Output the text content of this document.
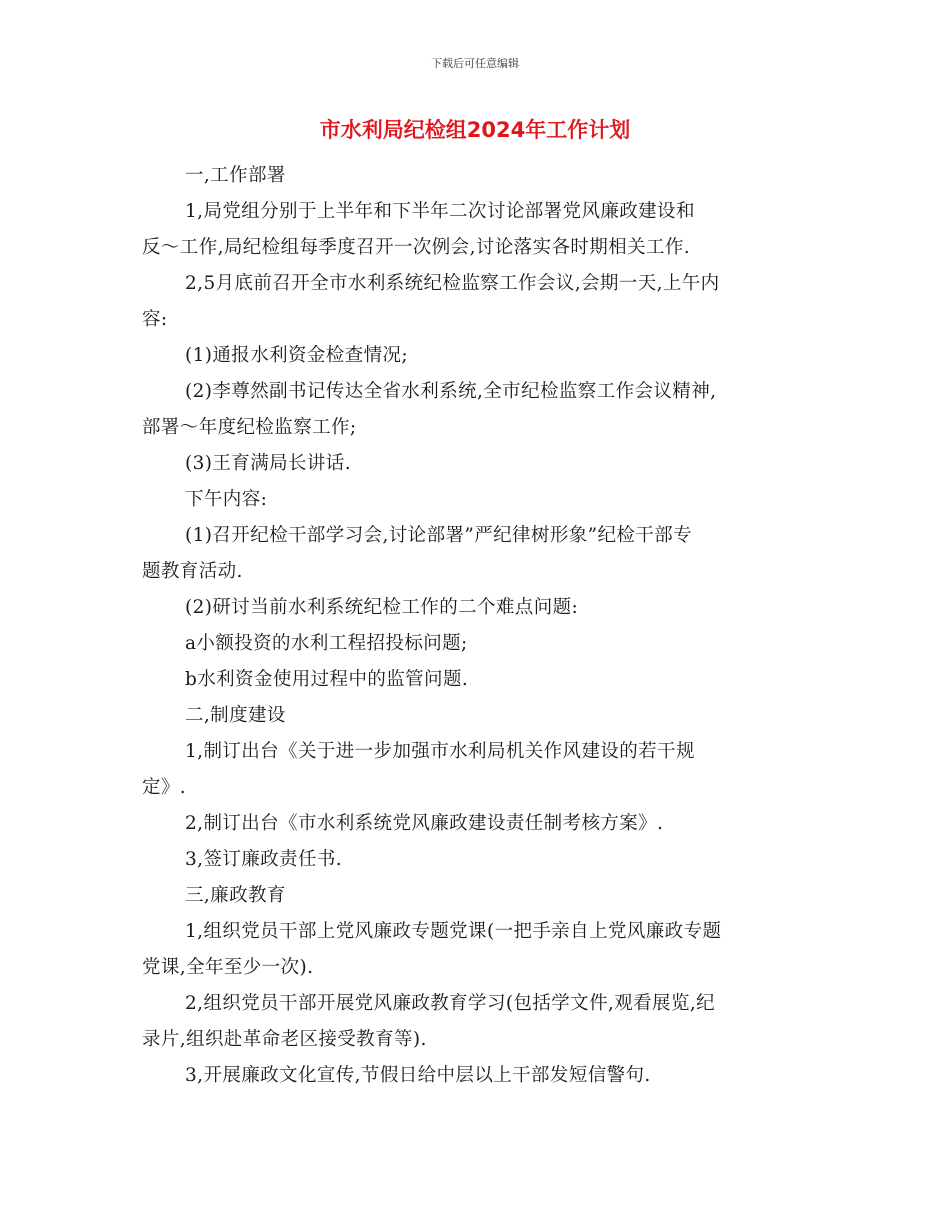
下载后可任意编辑
市水利局纪检组2024年工作计划
一,工作部署
1,局党组分别于上半年和下半年二次讨论部署党风廉政建设和
反～工作,局纪检组每季度召开一次例会,讨论落实各时期相关工作.
2,5月底前召开全市水利系统纪检监察工作会议,会期一天,上午内
容:
(1)通报水利资金检查情况;
(2)李尊然副书记传达全省水利系统,全市纪检监察工作会议精神,
部署～年度纪检监察工作;
(3)王育满局长讲话.
下午内容:
(1)召开纪检干部学习会,讨论部署”严纪律树形象”纪检干部专
题教育活动.
(2)研讨当前水利系统纪检工作的二个难点问题:
a小额投资的水利工程招投标问题;
b水利资金使用过程中的监管问题.
二,制度建设
1,制订出台《关于进一步加强市水利局机关作风建设的若干规
定》.
2,制订出台《市水利系统党风廉政建设责任制考核方案》.
3,签订廉政责任书.
三,廉政教育
1,组织党员干部上党风廉政专题党课(一把手亲自上党风廉政专题
党课,全年至少一次).
2,组织党员干部开展党风廉政教育学习(包括学文件,观看展览,纪
录片,组织赴革命老区接受教育等).
3,开展廉政文化宣传,节假日给中层以上干部发短信警句.
